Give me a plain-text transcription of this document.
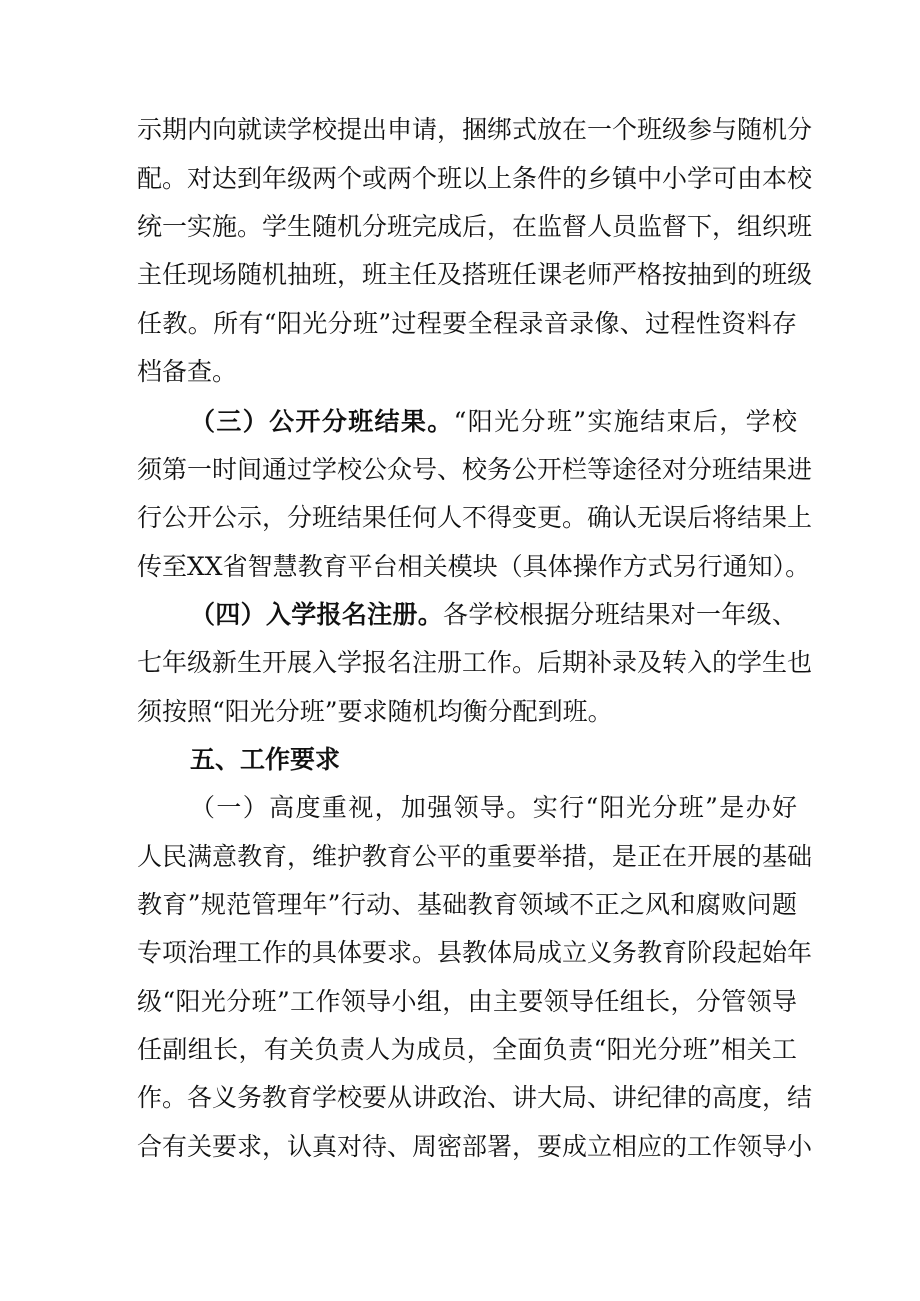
示期内向就读学校提出申请，捆绑式放在一个班级参与随机分
配。对达到年级两个或两个班以上条件的乡镇中小学可由本校
统一实施。学生随机分班完成后，在监督人员监督下，组织班
主任现场随机抽班，班主任及搭班任课老师严格按抽到的班级
任教。所有“阳光分班”过程要全程录音录像、过程性资料存
档备查。
（三）公开分班结果。“阳光分班”实施结束后，学校
须第一时间通过学校公众号、校务公开栏等途径对分班结果进
行公开公示，分班结果任何人不得变更。确认无误后将结果上
传至XX省智慧教育平台相关模块（具体操作方式另行通知）。
（四）入学报名注册。各学校根据分班结果对一年级、
七年级新生开展入学报名注册工作。后期补录及转入的学生也
须按照“阳光分班”要求随机均衡分配到班。
五、工作要求
（一）高度重视，加强领导。实行“阳光分班”是办好
人民满意教育，维护教育公平的重要举措，是正在开展的基础
教育”规范管理年”行动、基础教育领域不正之风和腐败问题
专项治理工作的具体要求。县教体局成立义务教育阶段起始年
级“阳光分班”工作领导小组，由主要领导任组长，分管领导
任副组长，有关负责人为成员，全面负责“阳光分班”相关工
作。各义务教育学校要从讲政治、讲大局、讲纪律的高度，结
合有关要求，认真对待、周密部署，要成立相应的工作领导小
